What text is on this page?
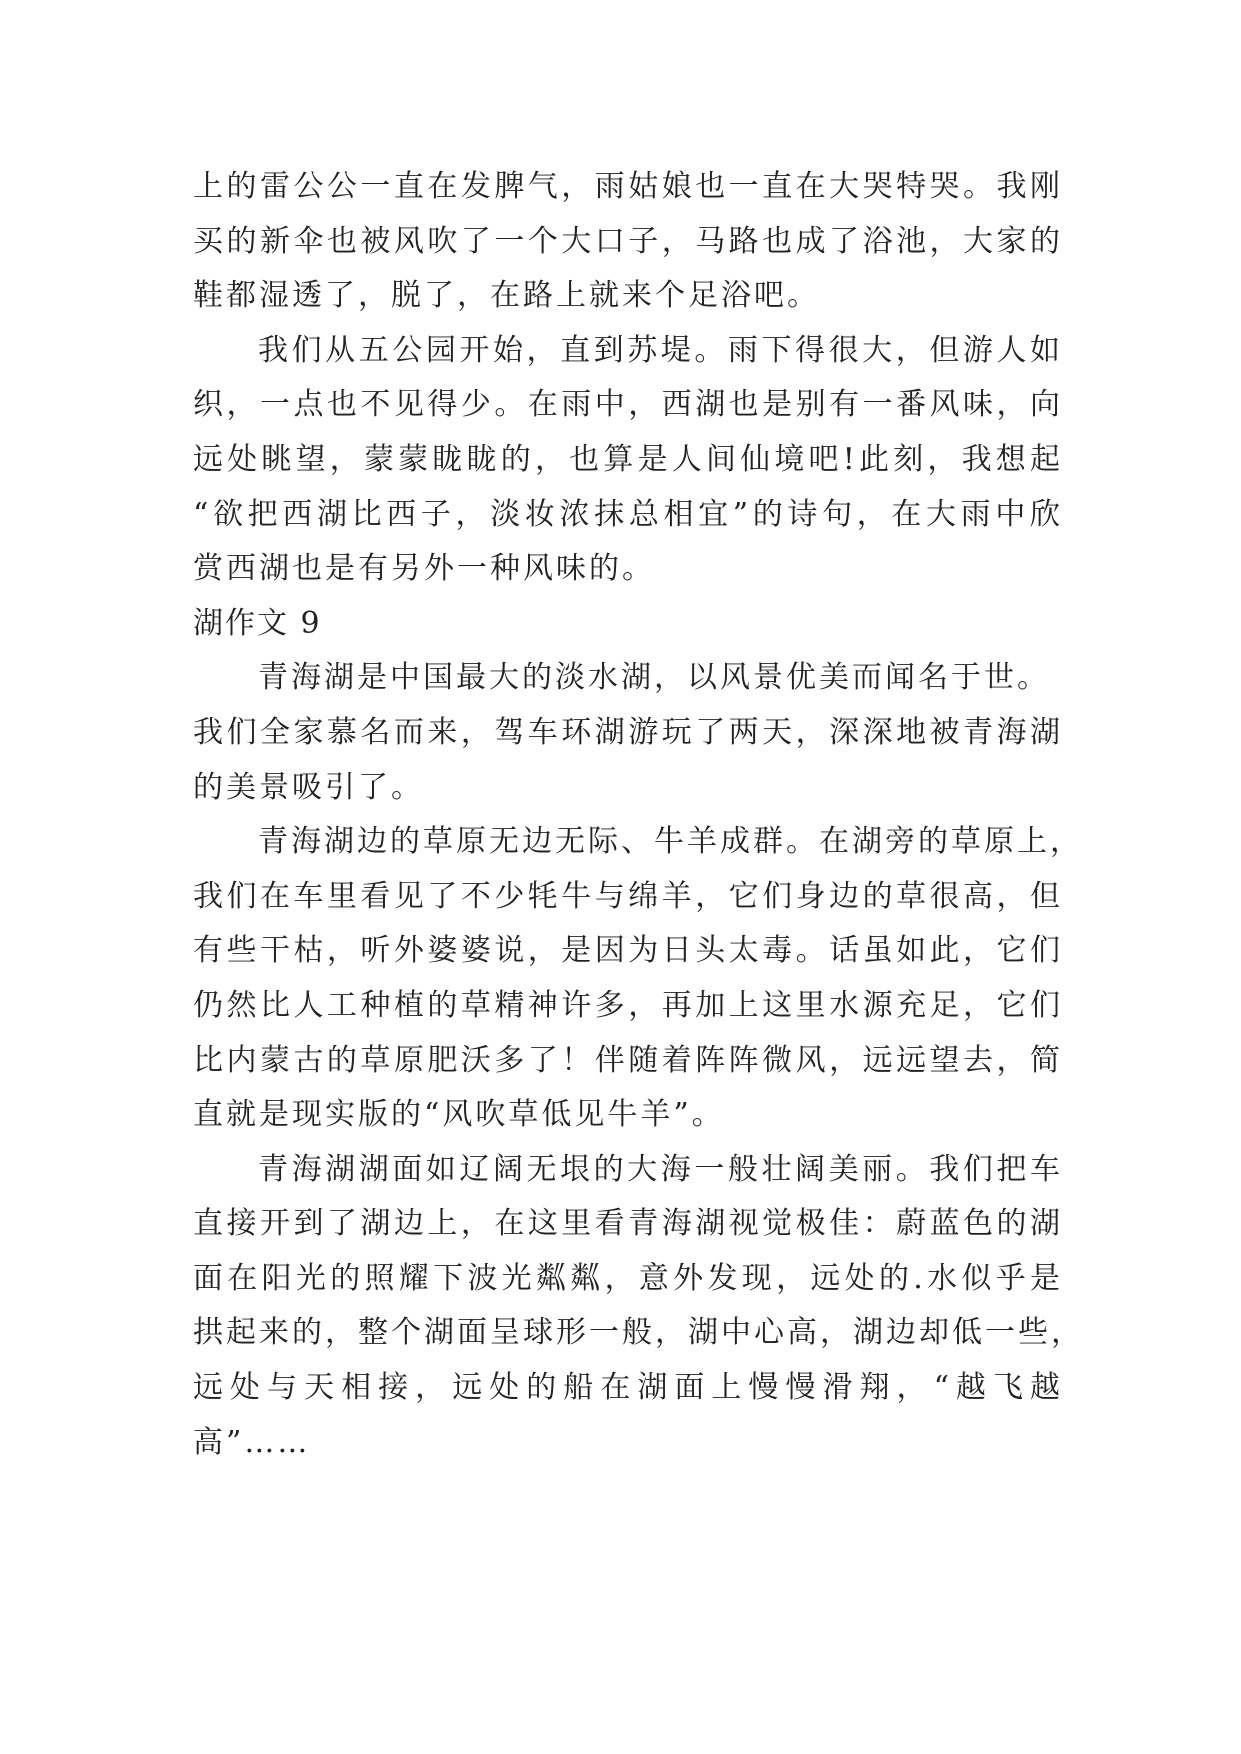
上的雷公公一直在发脾气，雨姑娘也一直在大哭特哭。我刚
买的新伞也被风吹了一个大口子，马路也成了浴池，大家的
鞋都湿透了，脱了，在路上就来个足浴吧。
我们从五公园开始，直到苏堤。雨下得很大，但游人如
织，一点也不见得少。在雨中，西湖也是别有一番风味，向
远处眺望，蒙蒙眬眬的，也算是人间仙境吧!此刻，我想起
“欲把西湖比西子，淡妆浓抹总相宜”的诗句，在大雨中欣
赏西湖也是有另外一种风味的。
湖作文 9
青海湖是中国最大的淡水湖，以风景优美而闻名于世。
我们全家慕名而来，驾车环湖游玩了两天，深深地被青海湖
的美景吸引了。
青海湖边的草原无边无际、牛羊成群。在湖旁的草原上，
我们在车里看见了不少牦牛与绵羊，它们身边的草很高，但
有些干枯，听外婆婆说，是因为日头太毒。话虽如此，它们
仍然比人工种植的草精神许多，再加上这里水源充足，它们
比内蒙古的草原肥沃多了！伴随着阵阵微风，远远望去，简
直就是现实版的“风吹草低见牛羊”。
青海湖湖面如辽阔无垠的大海一般壮阔美丽。我们把车
直接开到了湖边上，在这里看青海湖视觉极佳：蔚蓝色的湖
面在阳光的照耀下波光粼粼，意外发现，远处的.水似乎是
拱起来的，整个湖面呈球形一般，湖中心高，湖边却低一些，
远处与天相接，远处的船在湖面上慢慢滑翔，“越飞越
高”……
